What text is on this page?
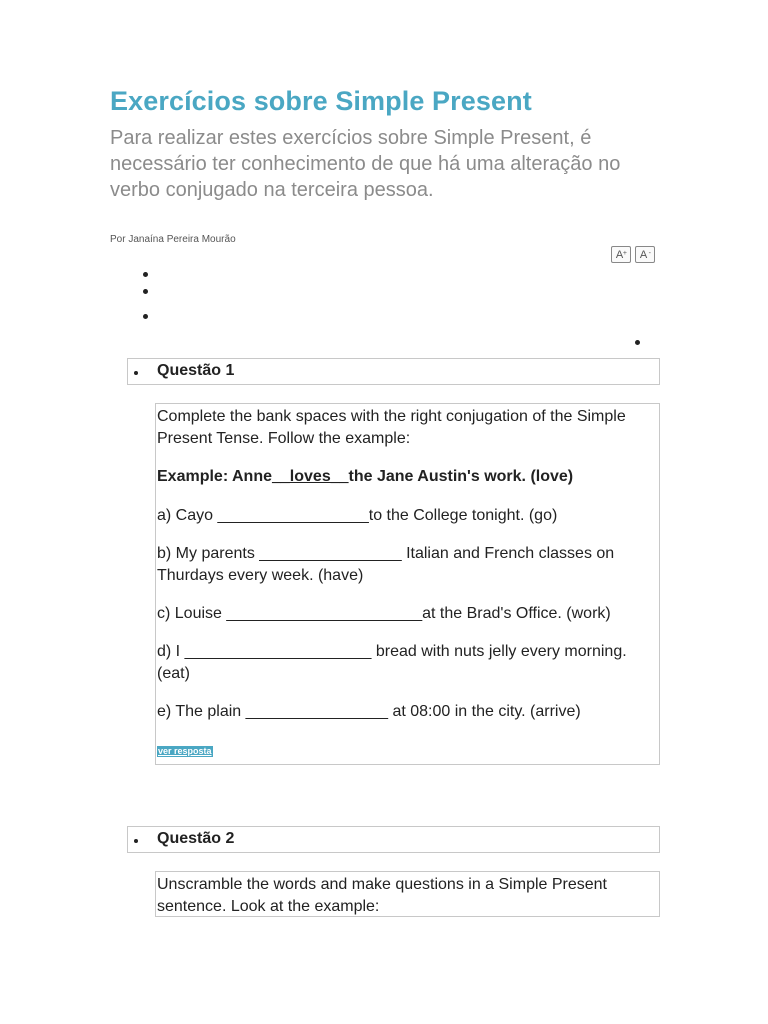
Exercícios sobre Simple Present

Para realizar estes exercícios sobre Simple Present, é necessário ter conhecimento de que há uma alteração no verbo conjugado na terceira pessoa.

Por Janaína Pereira Mourão
A +	A -
Questão 1

Complete the bank spaces with the right conjugation of the Simple Present Tense. Follow the example:

Example: Anne__loves__the Jane Austin's work. (love)

a) Cayo _________________to the College tonight. (go)

b) My parents ________________ Italian and French classes on Thurdays every week. (have)

c) Louise ______________________at the Brad's Office. (work)

d) I _____________________ bread with nuts jelly every morning. (eat)

e) The plain ________________ at 08:00 in the city. (arrive)

ver resposta
Questão 2

Unscramble the words and make questions in a Simple Present sentence. Look at the example:
